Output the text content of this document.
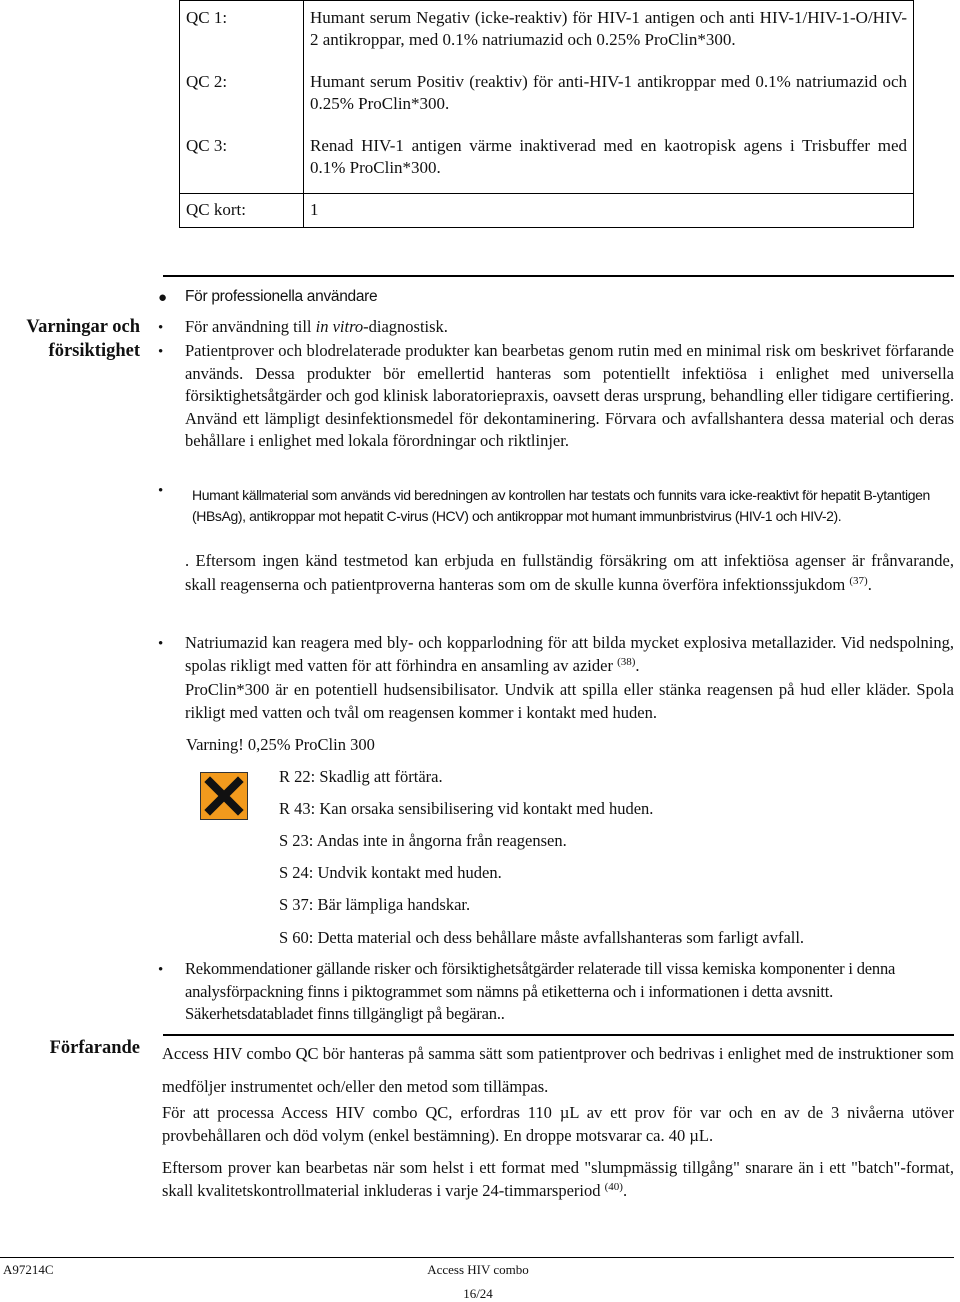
QC 1:	Humant serum Negativ (icke-reaktiv) för HIV-1 antigen och anti HIV-1/HIV-1-O/HIV-2 antikroppar, med 0.1% natriumazid och 0.25% ProClin*300.
QC 2:	Humant serum Positiv (reaktiv) för anti-HIV-1 antikroppar med 0.1% natriumazid och 0.25% ProClin*300.
QC 3:	Renad HIV-1 antigen värme inaktiverad med en kaotropisk agens i Trisbuffer med 0.1% ProClin*300.
QC kort:	1
Varningar och försiktighet
● För professionella användare
• För användning till in vitro-diagnostisk.
• Patientprover och blodrelaterade produkter kan bearbetas genom rutin med en minimal risk om beskrivet förfarande används. Dessa produkter bör emellertid hanteras som potentiellt infektiösa i enlighet med universella försiktighetsåtgärder och god klinisk laboratoriepraxis, oavsett deras ursprung, behandling eller tidigare certifiering. Använd ett lämpligt desinfektionsmedel för dekontaminering. Förvara och avfallshantera dessa material och deras behållare i enlighet med lokala förordningar och riktlinjer.
• Humant källmaterial som används vid beredningen av kontrollen har testats och funnits vara icke-reaktivt för hepatit B-ytantigen (HBsAg), antikroppar mot hepatit C-virus (HCV) och antikroppar mot humant immunbristvirus (HIV-1 och HIV-2).
. Eftersom ingen känd testmetod kan erbjuda en fullständig försäkring om att infektiösa agenser är frånvarande, skall reagenserna och patientproverna hanteras som om de skulle kunna överföra infektionssjukdom $^{(37)}$.
• Natriumazid kan reagera med bly- och kopparlodning för att bilda mycket explosiva metallazider. Vid nedspolning, spolas rikligt med vatten för att förhindra en ansamling av azider $^{(38)}$.
ProClin*300 är en potentiell hudsensibilisator. Undvik att spilla eller stänka reagensen på hud eller kläder. Spola rikligt med vatten och tvål om reagensen kommer i kontakt med huden.
Varning! 0,25% ProClin 300
R 22: Skadlig att förtära.
R 43: Kan orsaka sensibilisering vid kontakt med huden.
S 23: Andas inte in ångorna från reagensen.
S 24: Undvik kontakt med huden.
S 37: Bär lämpliga handskar.
S 60: Detta material och dess behållare måste avfallshanteras som farligt avfall.
• Rekommendationer gällande risker och försiktighetsåtgärder relaterade till vissa kemiska komponenter i denna analysförpackning finns i piktogrammet som nämns på etiketterna och i informationen i detta avsnitt. Säkerhetsdatabladet finns tillgängligt på begäran..
Förfarande Access HIV combo QC bör hanteras på samma sätt som patientprover och bedrivas i enlighet med de instruktioner som medföljer instrumentet och/eller den metod som tillämpas.
För att processa Access HIV combo QC, erfordras 110 µL av ett prov för var och en av de 3 nivåerna utöver provbehållaren och död volym (enkel bestämning). En droppe motsvarar ca. 40 µL.
Eftersom prover kan bearbetas när som helst i ett format med "slumpmässig tillgång" snarare än i ett "batch"-format, skall kvalitetskontrollmaterial inkluderas i varje 24-timmarsperiod $^{(40)}$.
A97214C	Access HIV combo
16/24
